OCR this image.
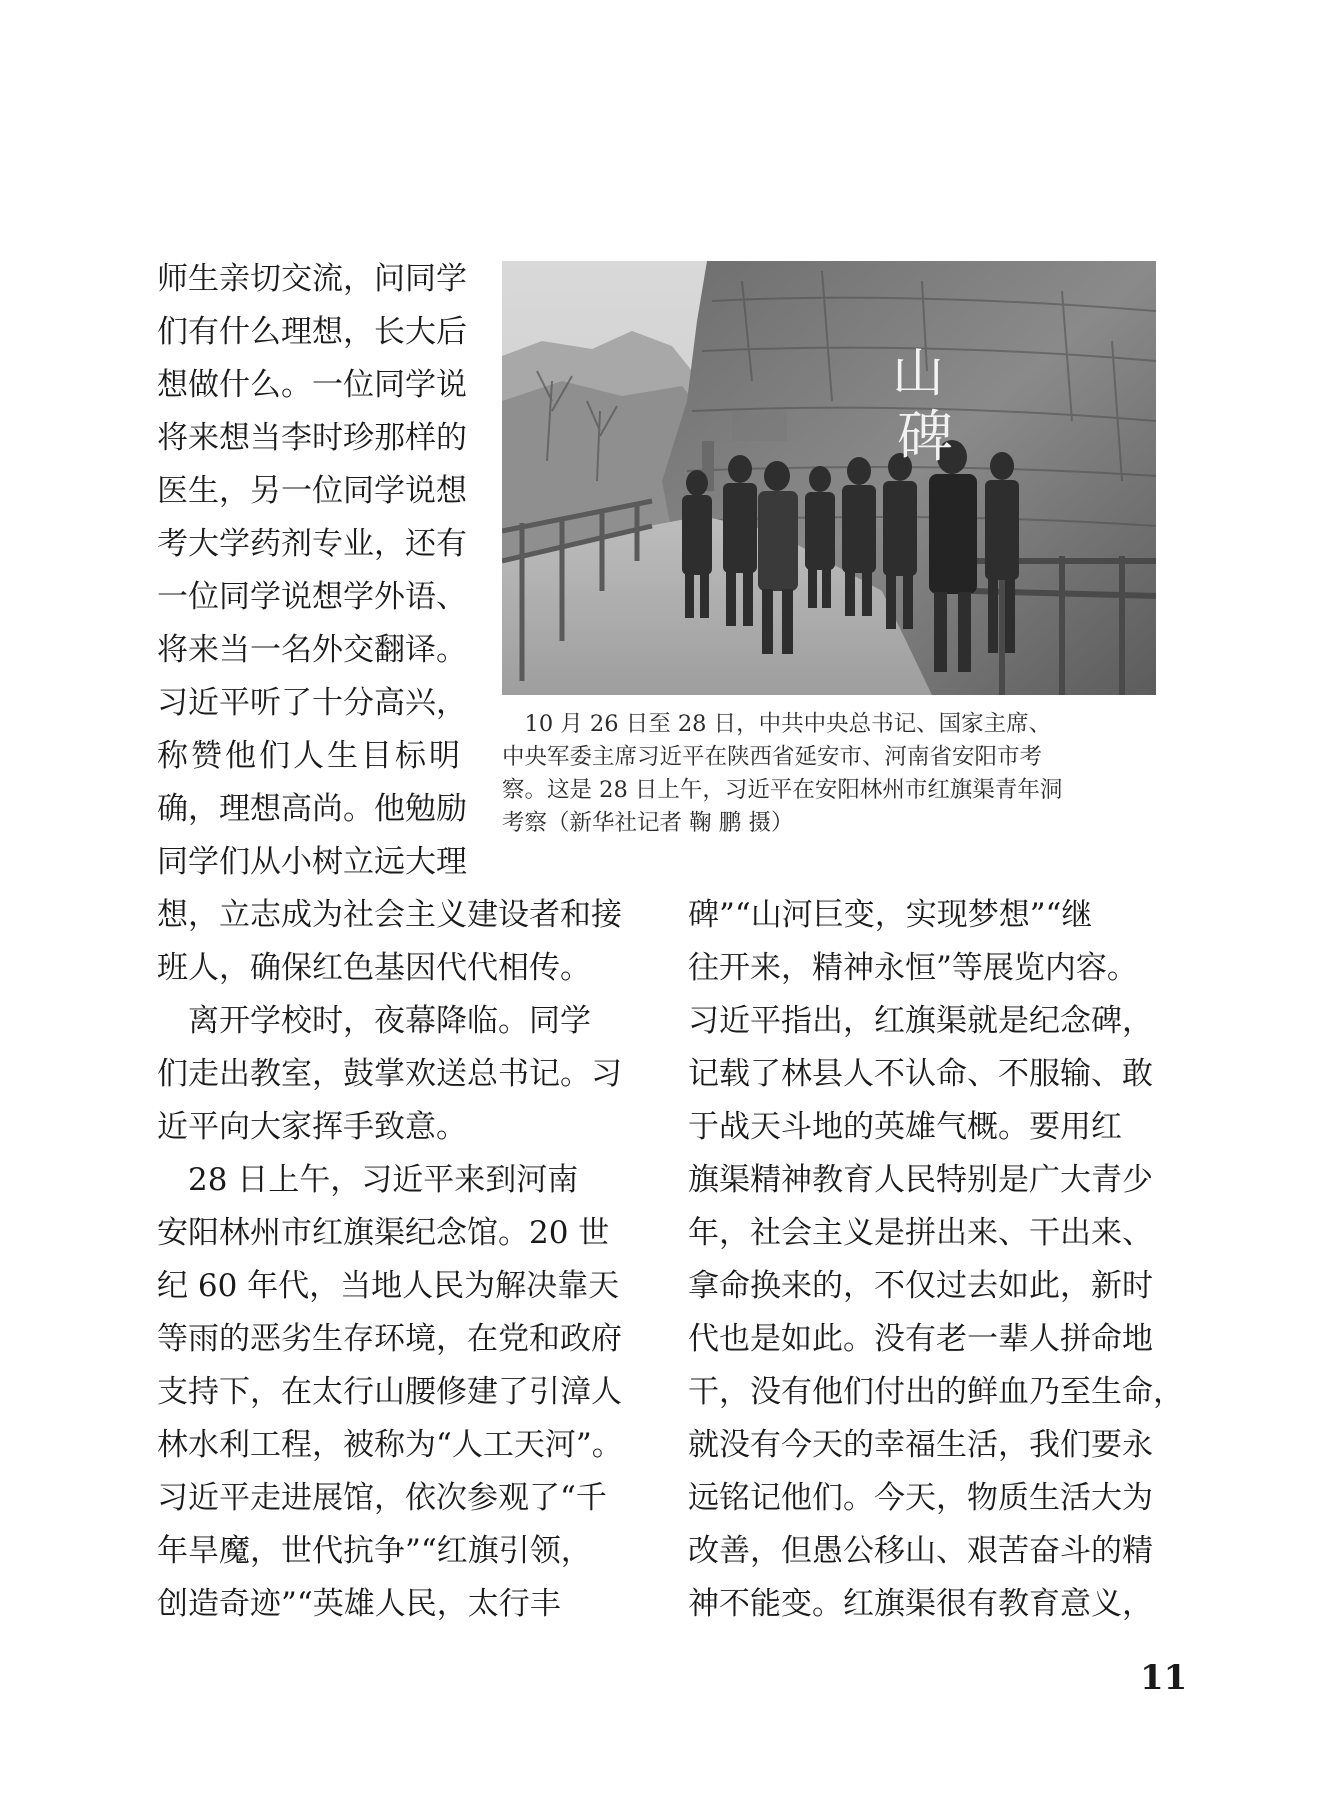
师生亲切交流，问同学
们有什么理想，长大后
想做什么。一位同学说
将来想当李时珍那样的
医生，另一位同学说想
考大学药剂专业，还有
一位同学说想学外语、
将来当一名外交翻译。
习近平听了十分高兴，
称赞他们人生目标明
确，理想高尚。他勉励
同学们从小树立远大理
想，立志成为社会主义建设者和接
班人，确保红色基因代代相传。
　离开学校时，夜幕降临。同学
们走出教室，鼓掌欢送总书记。习
近平向大家挥手致意。
　28 日上午，习近平来到河南
安阳林州市红旗渠纪念馆。20 世
纪 60 年代，当地人民为解决靠天
等雨的恶劣生存环境，在党和政府
支持下，在太行山腰修建了引漳人
林水利工程，被称为“人工天河”。
习近平走进展馆，依次参观了“千
年旱魔，世代抗争”“红旗引领，
创造奇迹”“英雄人民，太行丰
碑”“山河巨变，实现梦想”“继
往开来，精神永恒”等展览内容。
习近平指出，红旗渠就是纪念碑，
记载了林县人不认命、不服输、敢
于战天斗地的英雄气概。要用红
旗渠精神教育人民特别是广大青少
年，社会主义是拼出来、干出来、
拿命换来的，不仅过去如此，新时
代也是如此。没有老一辈人拼命地
干，没有他们付出的鲜血乃至生命，
就没有今天的幸福生活，我们要永
远铭记他们。今天，物质生活大为
改善，但愚公移山、艰苦奋斗的精
神不能变。红旗渠很有教育意义，
山
碑
　10 月 26 日至 28 日，中共中央总书记、国家主席、
中央军委主席习近平在陕西省延安市、河南省安阳市考
察。这是 28 日上午，习近平在安阳林州市红旗渠青年洞
考察（新华社记者 鞠 鹏 摄）
11
